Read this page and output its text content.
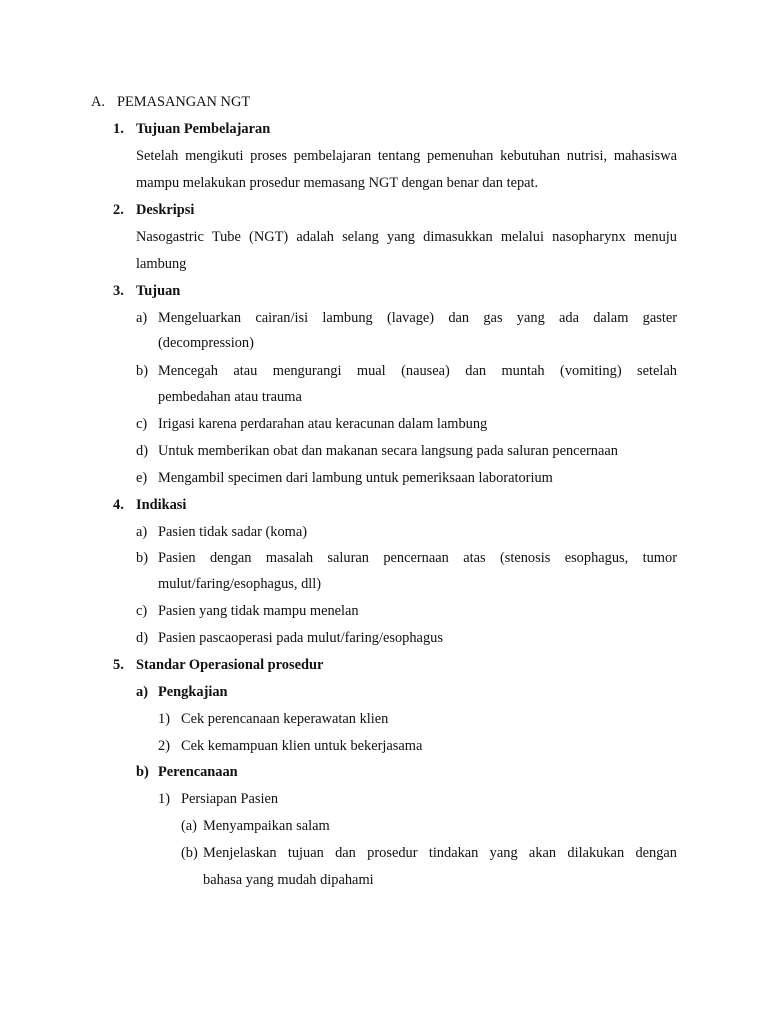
A. PEMASANGAN NGT
1. Tujuan Pembelajaran
Setelah mengikuti proses pembelajaran tentang pemenuhan kebutuhan nutrisi, mahasiswa
mampu melakukan prosedur memasang NGT dengan benar dan tepat.
2. Deskripsi
Nasogastric Tube (NGT) adalah selang yang dimasukkan melalui nasopharynx menuju
lambung
3. Tujuan
a) Mengeluarkan cairan/isi lambung (lavage) dan gas yang ada dalam gaster
(decompression)
b) Mencegah atau mengurangi mual (nausea) dan muntah (vomiting) setelah
pembedahan atau trauma
c) Irigasi karena perdarahan atau keracunan dalam lambung
d) Untuk memberikan obat dan makanan secara langsung pada saluran pencernaan
e) Mengambil specimen dari lambung untuk pemeriksaan laboratorium
4. Indikasi
a) Pasien tidak sadar (koma)
b) Pasien dengan masalah saluran pencernaan atas (stenosis esophagus, tumor
mulut/faring/esophagus, dll)
c) Pasien yang tidak mampu menelan
d) Pasien pascaoperasi pada mulut/faring/esophagus
5. Standar Operasional prosedur
a) Pengkajian
1) Cek perencanaan keperawatan klien
2) Cek kemampuan klien untuk bekerjasama
b) Perencanaan
1) Persiapan Pasien
(a) Menyampaikan salam
(b) Menjelaskan tujuan dan prosedur tindakan yang akan dilakukan dengan
bahasa yang mudah dipahami
